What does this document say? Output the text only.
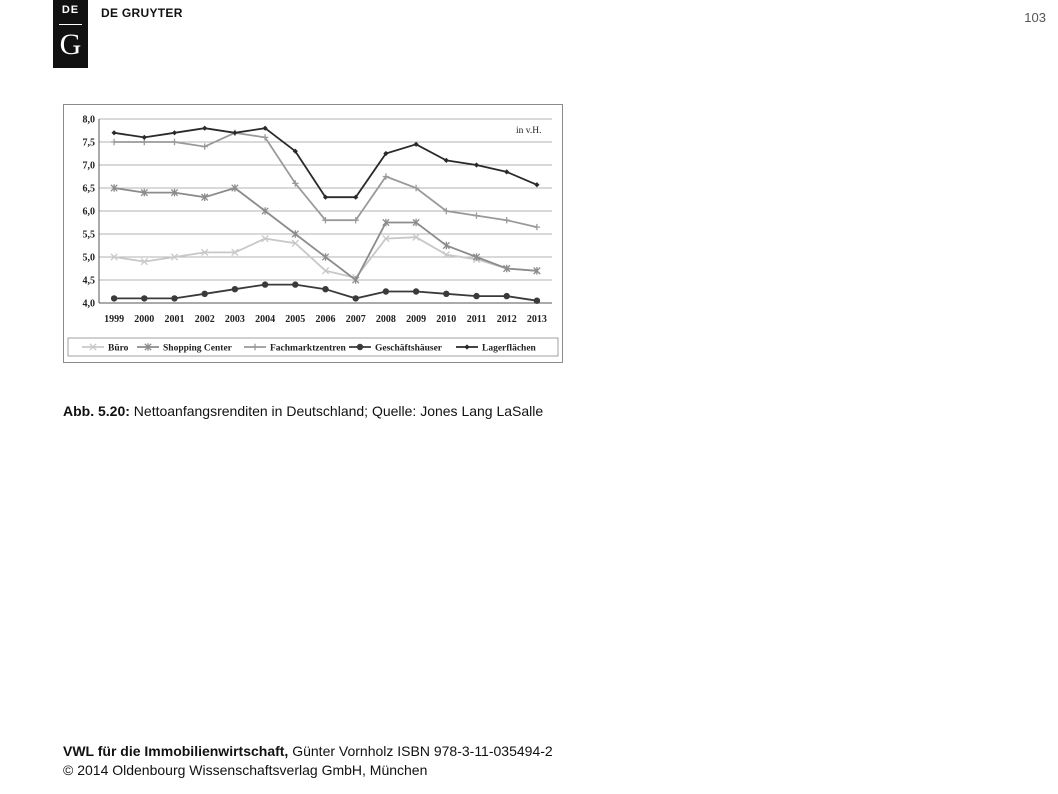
DE
G
DE GRUYTER	103
4,0
4,5
5,0
5,5
6,0
6,5
7,0
7,5
8,0
1999 2000 2001 2002 2003 2004 2005 2006 2007 2008 2009 2010 2011 2012 2013
in v.H.
Büro	Shopping Center	Fachmarktzentren	Geschäftshäuser	Lagerflächen
Abb. 5.20: Nettoanfangsrenditen in Deutschland; Quelle: Jones Lang LaSalle
VWL für die Immobilienwirtschaft, Günter Vornholz ISBN 978-3-11-035494-2
© 2014 Oldenbourg Wissenschaftsverlag GmbH, München
